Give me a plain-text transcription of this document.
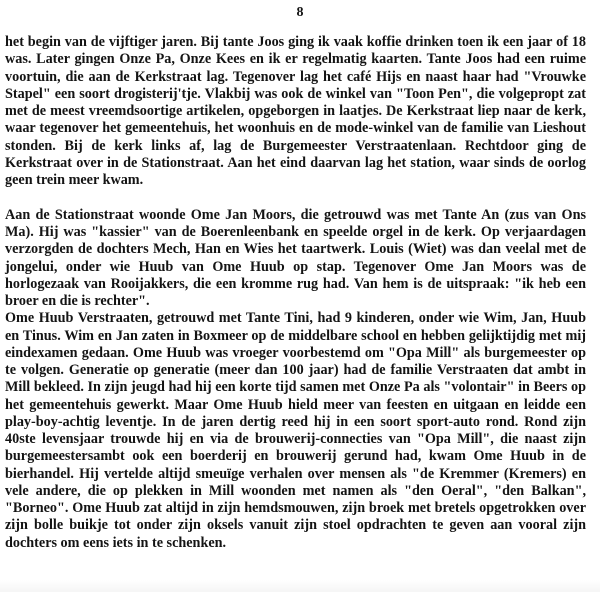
8

het begin van de vijftiger jaren. Bij tante Joos ging ik vaak koffie drinken toen ik een jaar of 18 was. Later gingen Onze Pa, Onze Kees en ik er regelmatig kaarten. Tante Joos had een ruime voortuin, die aan de Kerkstraat lag. Tegenover lag het café Hijs en naast haar had "Vrouwke Stapel" een soort drogisterij'tje. Vlakbij was ook de winkel van "Toon Pen", die volgepropt zat met de meest vreemdsoortige artikelen, opgeborgen in laatjes. De Kerkstraat liep naar de kerk, waar tegenover het gemeentehuis, het woonhuis en de mode-winkel van de familie van Lieshout stonden. Bij de kerk links af, lag de Burgemeester Verstraatenlaan. Rechtdoor ging de Kerkstraat over in de Stationstraat. Aan het eind daarvan lag het station, waar sinds de oorlog geen trein meer kwam.

Aan de Stationstraat woonde Ome Jan Moors, die getrouwd was met Tante An (zus van Ons Ma). Hij was "kassier" van de Boerenleenbank en speelde orgel in de kerk. Op verjaardagen verzorgden de dochters Mech, Han en Wies het taartwerk. Louis (Wiet) was dan veelal met de jongelui, onder wie Huub van Ome Huub op stap. Tegenover Ome Jan Moors was de horlogezaak van Rooijakkers, die een kromme rug had. Van hem is de uitspraak: "ik heb een broer en die is rechter".

Ome Huub Verstraaten, getrouwd met Tante Tini, had 9 kinderen, onder wie Wim, Jan, Huub en Tinus. Wim en Jan zaten in Boxmeer op de middelbare school en hebben gelijktijdig met mij eindexamen gedaan. Ome Huub was vroeger voorbestemd om "Opa Mill" als burgemeester op te volgen. Generatie op generatie (meer dan 100 jaar) had de familie Verstraaten dat ambt in Mill bekleed. In zijn jeugd had hij een korte tijd samen met Onze Pa als "volontair" in Beers op het gemeentehuis gewerkt. Maar Ome Huub hield meer van feesten en uitgaan en leidde een play-boy-achtig leventje. In de jaren dertig reed hij in een soort sport-auto rond. Rond zijn 40ste levensjaar trouwde hij en via de brouwerij-connecties van "Opa Mill", die naast zijn burgemeestersambt ook een boerderij en brouwerij gerund had, kwam Ome Huub in de bierhandel. Hij vertelde altijd smeuïge verhalen over mensen als "de Kremmer (Kremers) en vele andere, die op plekken in Mill woonden met namen als "den Oeral", "den Balkan", "Borneo". Ome Huub zat altijd in zijn hemdsmouwen, zijn broek met bretels opgetrokken over zijn bolle buikje tot onder zijn oksels vanuit zijn stoel opdrachten te geven aan vooral zijn dochters om eens iets in te schenken.
